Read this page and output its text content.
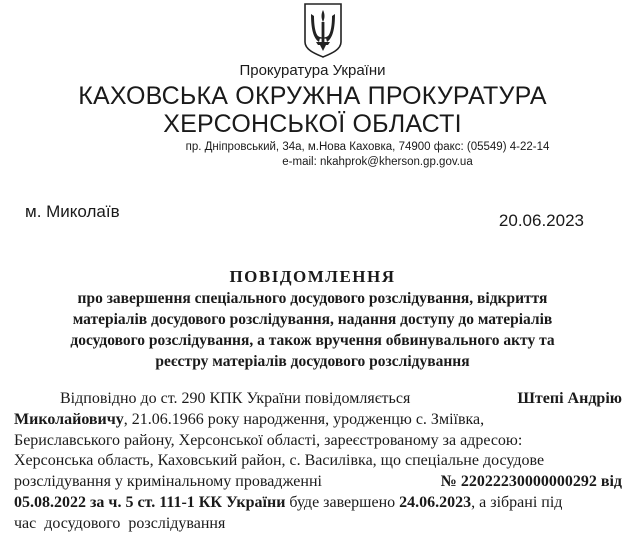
Прокуратура України
КАХОВСЬКА ОКРУЖНА ПРОКУРАТУРА
ХЕРСОНСЬКОЇ ОБЛАСТІ
пр. Дніпровський, 34а, м.Нова Каховка, 74900 факс: (05549) 4-22-14
e-mail: nkahprok@kherson.gp.gov.ua
м. Миколаїв	20.06.2023
ПОВІДОМЛЕННЯ
про завершення спеціального досудового розслідування, відкриття
матеріалів досудового розслідування, надання доступу до матеріалів
досудового розслідування, а також вручення обвинувального акту та
реєстру матеріалів досудового розслідування
Відповідно до ст. 290 КПК України повідомляється	Штепі Андрію
Миколайовичу, 21.06.1966 року народження, уродженцю с. Зміївка,
Бериславського району, Херсонської області, зареєстрованому за адресою:
Херсонська область, Каховський район, с. Василівка, що спеціальне досудове
розслідування у кримінальному провадженні	№ 22022230000000292 від
05.08.2022 за ч. 5 ст. 111-1 КК України буде завершено 24.06.2023, а зібрані під
час  досудового  розслідування
